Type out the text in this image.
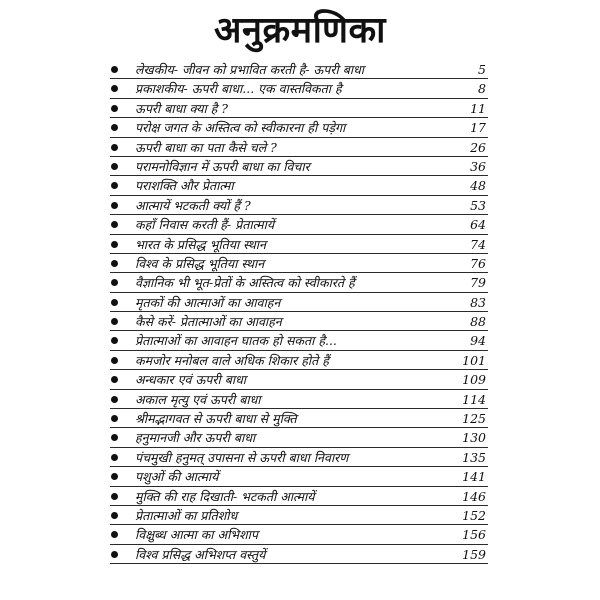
अनुक्रमणिका
लेखकीय- जीवन को प्रभावित करती है- ऊपरी बाधा	5
प्रकाशकीय- ऊपरी बाधा... एक वास्तविकता है	8
ऊपरी बाधा क्या है ?	11
परोक्ष जगत के अस्तित्व को स्वीकारना ही पड़ेगा	17
ऊपरी बाधा का पता कैसे चले ?	26
परामनोविज्ञान में ऊपरी बाधा का विचार	36
पराशक्ति और प्रेतात्मा	48
आत्मायें भटकती क्यों हैं ?	53
कहाँ निवास करती हैं- प्रेतात्मायें	64
भारत के प्रसिद्ध भूतिया स्थान	74
विश्व के प्रसिद्ध भूतिया स्थान	76
वैज्ञानिक भी भूत-प्रेतों के अस्तित्व को स्वीकारते हैं	79
मृतकों की आत्माओं का आवाहन	83
कैसे करें- प्रेतात्माओं का आवाहन	88
प्रेतात्माओं का आवाहन घातक हो सकता है...	94
कमजोर मनोबल वाले अधिक शिकार होते हैं	101
अन्धकार एवं ऊपरी बाधा	109
अकाल मृत्यु एवं ऊपरी बाधा	114
श्रीमद्भागवत से ऊपरी बाधा से मुक्ति	125
हनुमानजी और ऊपरी बाधा	130
पंचमुखी हनुमत् उपासना से ऊपरी बाधा निवारण	135
पशुओं की आत्मायें	141
मुक्ति की राह दिखाती- भटकती आत्मायें	146
प्रेतात्माओं का प्रतिशोध	152
विक्षुब्ध आत्मा का अभिशाप	156
विश्व प्रसिद्ध अभिशप्त वस्तुयें	159
